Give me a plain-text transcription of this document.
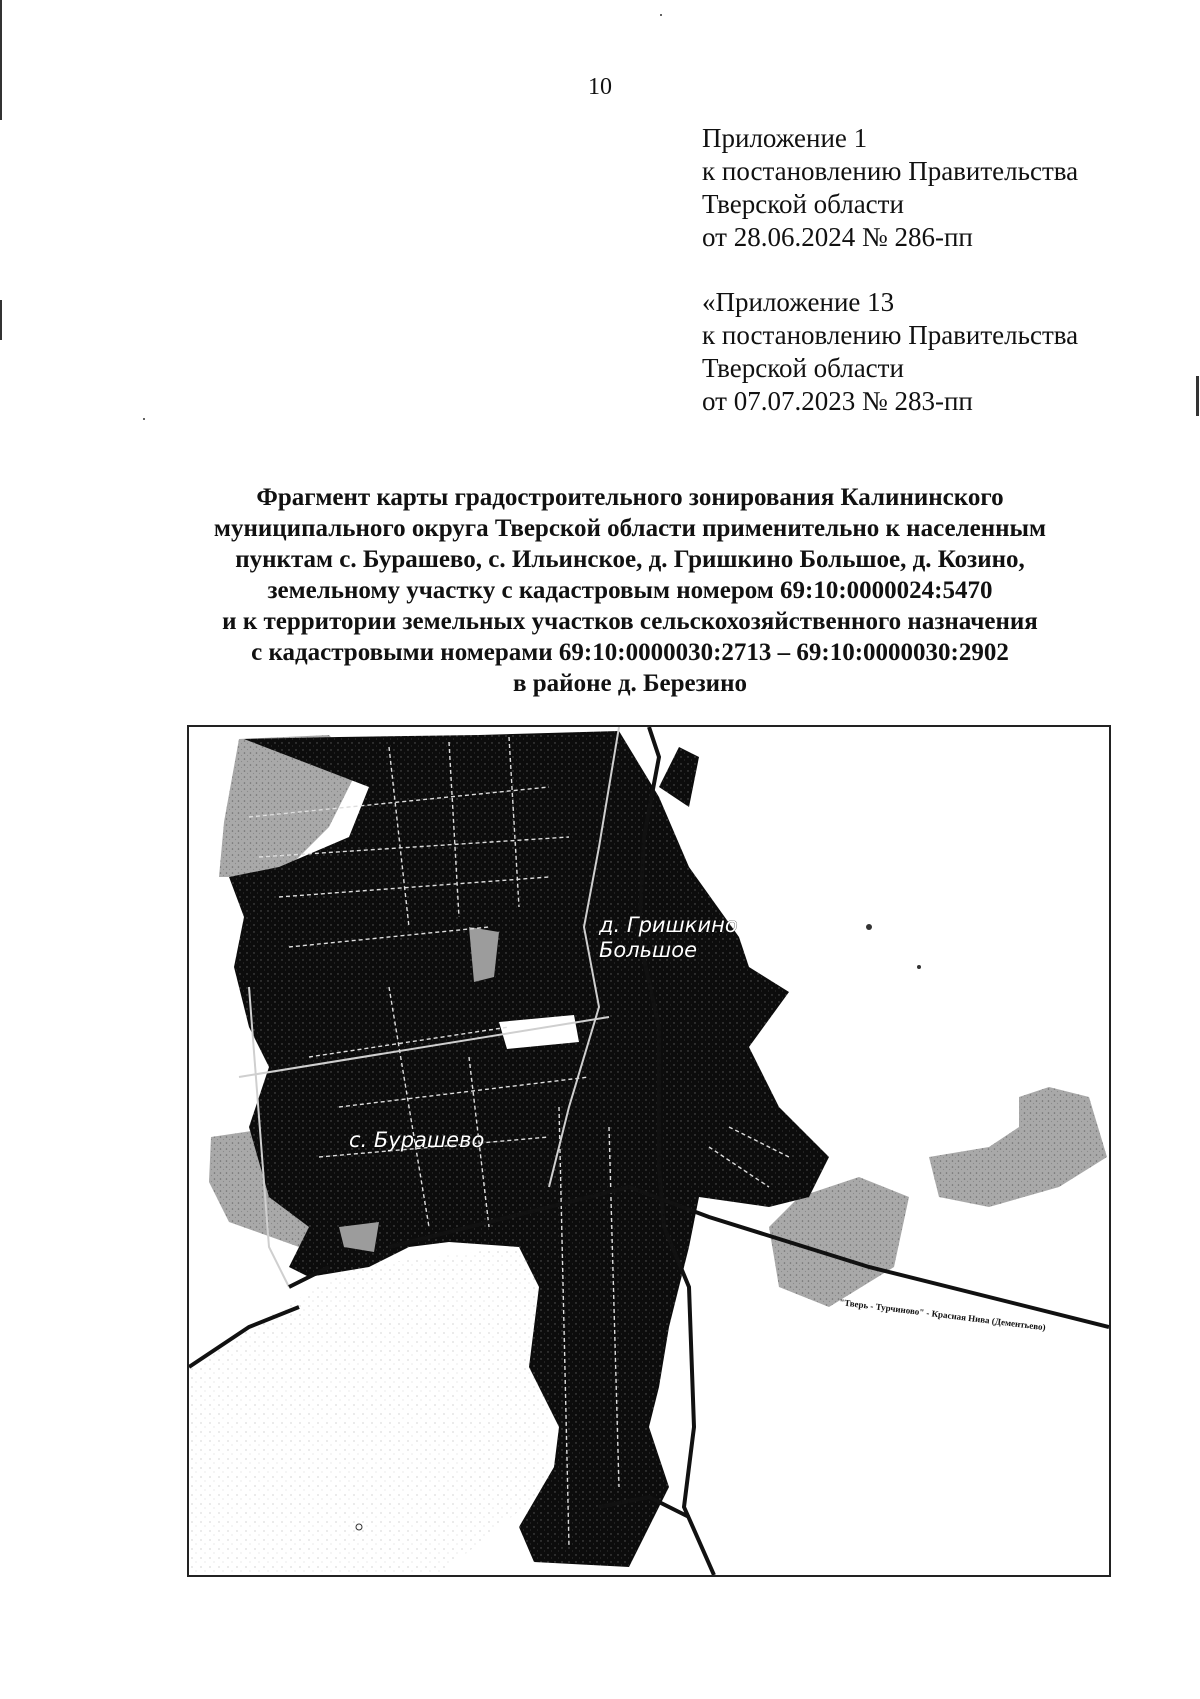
10
Приложение 1
к постановлению Правительства
Тверской области
от 28.06.2024 № 286-пп
«Приложение 13
к постановлению Правительства
Тверской области
от 07.07.2023 № 283-пп
Фрагмент карты градостроительного зонирования Калининского
муниципального округа Тверской области применительно к населенным
пунктам с. Бурашево, с. Ильинское, д. Гришкино Большое, д. Козино,
земельному участку с кадастровым номером 69:10:0000024:5470
и к территории земельных участков сельскохозяйственного назначения
с кадастровыми номерами 69:10:0000030:2713 – 69:10:0000030:2902
в районе д. Березино
д. Гришкино
Большое
с. Бурашево
"Тверь - Турчиново" - Красная Нива (Дементьево)
